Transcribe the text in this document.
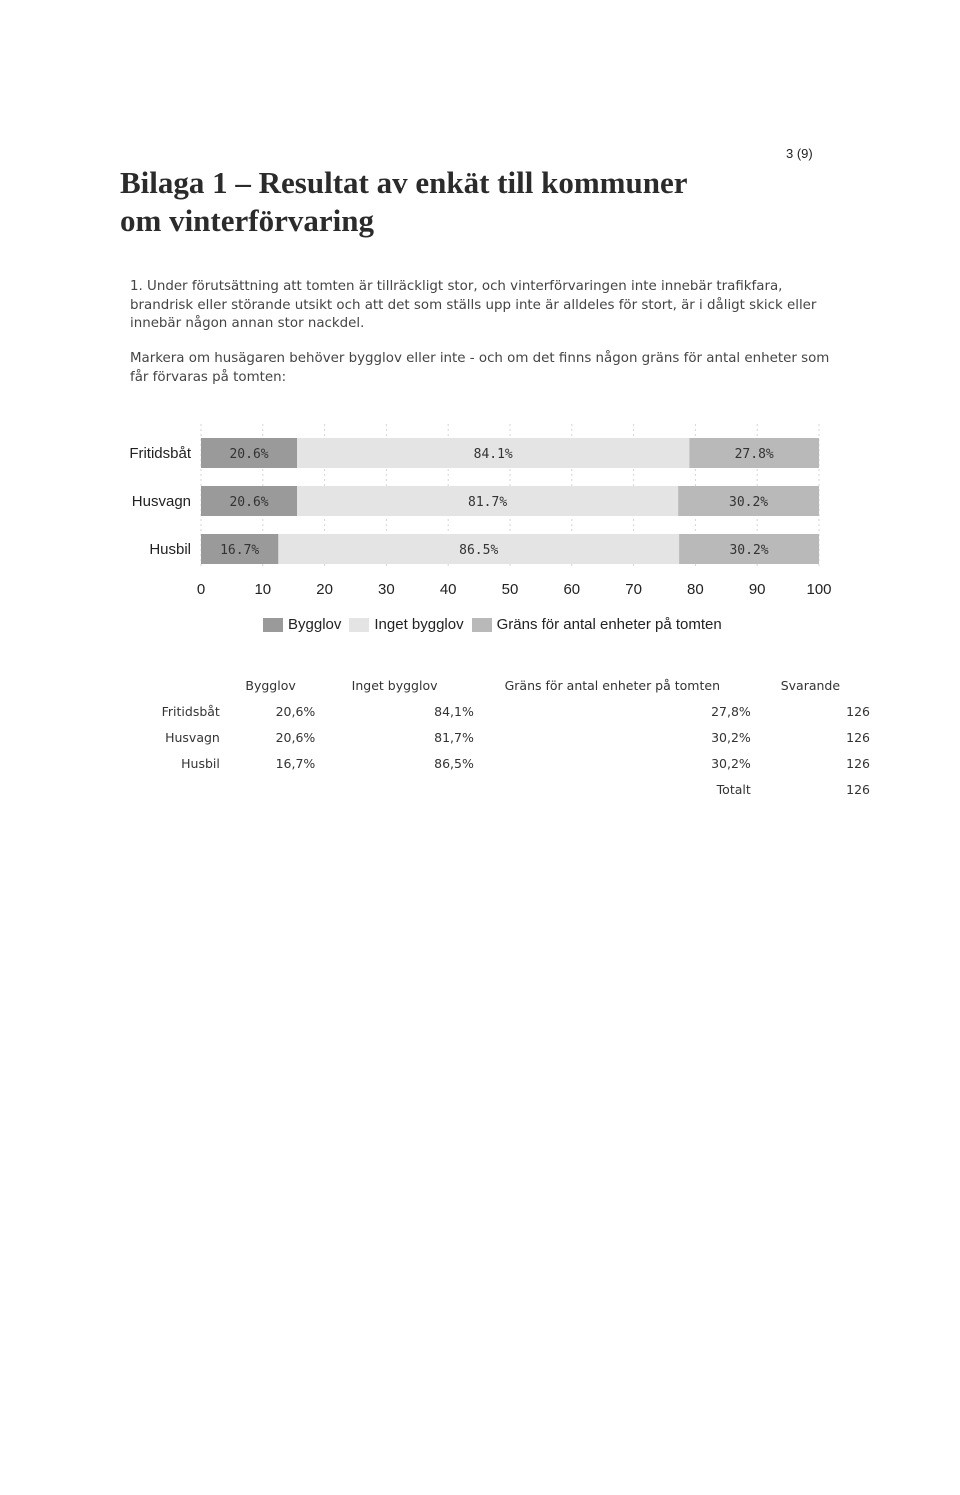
3 (9)
Bilaga 1 – Resultat av enkät till kommuner
om vinterförvaring

1. Under förutsättning att tomten är tillräckligt stor, och vinterförvaringen inte innebär trafikfara, brandrisk eller störande utsikt och att det som ställs upp inte är alldeles för stort, är i dåligt skick eller innebär någon annan stor nackdel.

Markera om husägaren behöver bygglov eller inte - och om det finns någon gräns för antal enheter som får förvaras på tomten:

0	10	20	30	40	50	60	70	80	90	100
Fritidsbåt	20.6%	84.1%	27.8%
Husvagn	20.6%	81.7%	30.2%
Husbil 16.7%	86.5%	30.2%
Bygglov Inget bygglov Gräns för antal enheter på tomten
	Bygglov	Inget bygglov	Gräns för antal enheter på tomten	Svarande
Fritidsbåt	20,6%	84,1%	27,8%	126
Husvagn	20,6%	81,7%	30,2%	126
Husbil	16,7%	86,5%	30,2%	126
			Totalt	126
